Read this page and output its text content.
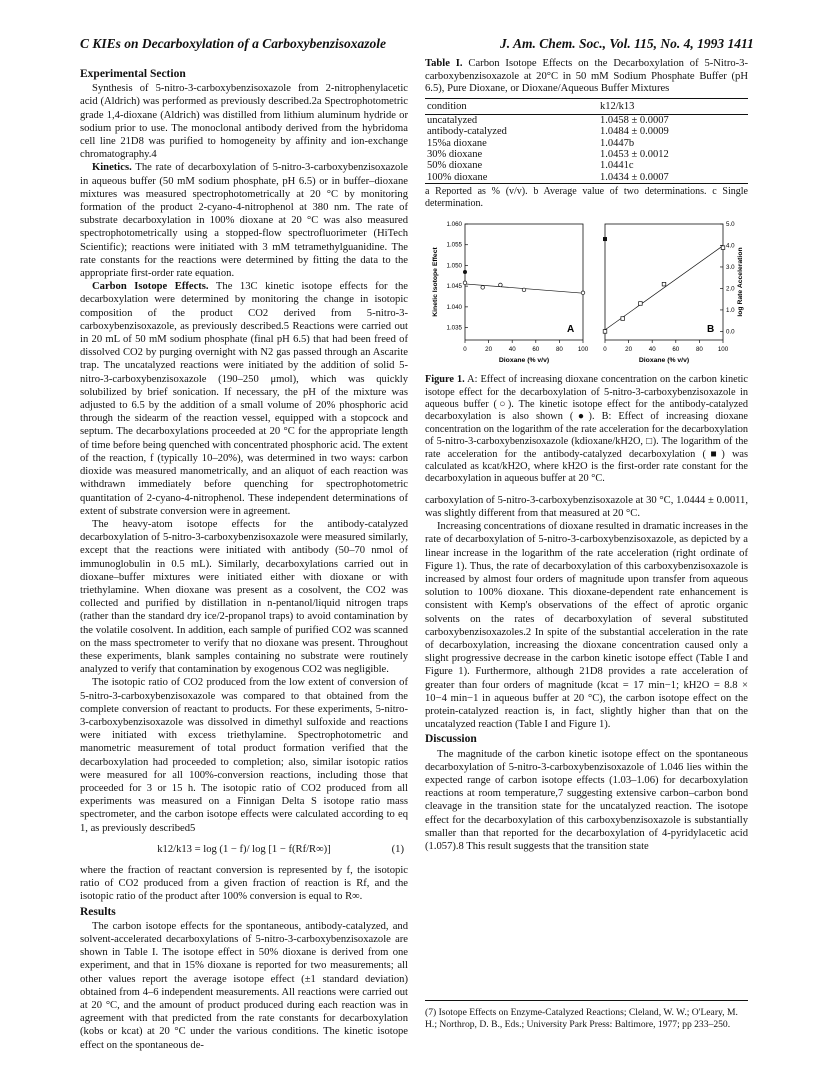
C KIEs on Decarboxylation of a Carboxybenzisoxazole	J. Am. Chem. Soc., Vol. 115, No. 4, 1993 1411
Experimental Section

Synthesis of 5-nitro-3-carboxybenzisoxazole from 2-nitrophenylacetic acid (Aldrich) was performed as previously described.2a Spectrophotometric grade 1,4-dioxane (Aldrich) was distilled from lithium aluminum hydride or sodium prior to use. The monoclonal antibody derived from the hybridoma cell line 21D8 was purified to homogeneity by affinity and ion-exchange chromatography.4

Kinetics. The rate of decarboxylation of 5-nitro-3-carboxybenzisoxazole in aqueous buffer (50 mM sodium phosphate, pH 6.5) or in buffer–dioxane mixtures was measured spectrophotometrically at 20 °C by monitoring formation of the product 2-cyano-4-nitrophenol at 380 nm. The rate of substrate decarboxylation in 100% dioxane at 20 °C was also measured spectrophotometrically using a stopped-flow spectrofluorimeter (HiTech Scientific); reactions were initiated with 3 mM tetramethylguanidine. The rate constants for the reactions were determined by fitting the data to the appropriate first-order rate equation.

Carbon Isotope Effects. The 13C kinetic isotope effects for the decarboxylation were determined by monitoring the change in isotopic composition of the product CO2 derived from 5-nitro-3-carboxybenzisoxazole, as previously described.5 Reactions were carried out in 20 mL of 50 mM sodium phosphate (final pH 6.5) that had been freed of dissolved CO2 by purging overnight with N2 gas passed through an Ascarite trap. The uncatalyzed reactions were initiated by the addition of solid 5-nitro-3-carboxybenzisoxazole (190–250 μmol), which was quickly solubilized by brief sonication. If necessary, the pH of the mixture was adjusted to 6.5 by the addition of a small volume of 20% phosphoric acid through the sidearm of the reaction vessel, equipped with a stopcock and septum. The decarboxylations proceeded at 20 °C for the appropriate length of time before being quenched with concentrated phosphoric acid. The extent of the reaction, f (typically 10–20%), was determined in two ways: carbon dioxide was measured manometrically, and an aliquot of each reaction was withdrawn immediately before quenching for spectrophotometric quantitation of 2-cyano-4-nitrophenol. These independent determinations of extent of substrate conversion were in agreement.

The heavy-atom isotope effects for the antibody-catalyzed decarboxylation of 5-nitro-3-carboxybenzisoxazole were measured similarly, except that the reactions were initiated with antibody (50–70 nmol of immunoglobulin in 0.5 mL). Similarly, decarboxylations carried out in dioxane–buffer mixtures were initiated either with dioxane or with triethylamine. When dioxane was present as a cosolvent, the CO2 was collected and purified by distillation in n-pentanol/liquid nitrogen traps (rather than the standard dry ice/2-propanol traps) to avoid contamination by the volatile cosolvent. In addition, each sample of purified CO2 was scanned on the mass spectrometer to verify that no dioxane was present. Throughout these experiments, blank samples containing no substrate were routinely analyzed to verify that contamination by exogenous CO2 was negligible.

The isotopic ratio of CO2 produced from the low extent of conversion of 5-nitro-3-carboxybenzisoxazole was compared to that obtained from the complete conversion of reactant to products. For these experiments, 5-nitro-3-carboxybenzisoxazole was dissolved in dimethyl sulfoxide and reactions were initiated with excess triethylamine. Spectrophotometric and manometric measurement of total product formation verified that the decarboxylation had proceeded to completion; also, similar isotopic ratios were measured for all 100%-conversion reactions, including those that proceeded for 3 or 15 h. The isotopic ratio of CO2 produced from all experiments was measured on a Finnigan Delta S isotope ratio mass spectrometer, and the carbon isotope effects were calculated according to eq 1, as previously described5

k12/k13 = log (1 − f)/ log [1 − f(Rf/R∞)]	(1)

where the fraction of reactant conversion is represented by f, the isotopic ratio of CO2 produced from a given fraction of reaction is Rf, and the isotopic ratio of the product after 100% conversion is equal to R∞.

Results

The carbon isotope effects for the spontaneous, antibody-catalyzed, and solvent-accelerated decarboxylations of 5-nitro-3-carboxybenzisoxazole are shown in Table I. The isotope effect in 50% dioxane is derived from one experiment, and that in 15% dioxane is reported for two measurements; all other values report the average isotope effect (±1 standard deviation) obtained from 4–6 independent measurements. All reactions were carried out at 20 °C, and the amount of product produced during each reaction was in agreement with that predicted from the rate constants for decarboxylation (kobs or kcat) at 20 °C under the various conditions. The kinetic isotope effect on the spontaneous de-

Table I. Carbon Isotope Effects on the Decarboxylation of 5-Nitro-3-carboxybenzisoxazole at 20°C in 50 mM Sodium Phosphate Buffer (pH 6.5), Pure Dioxane, or Dioxane/Aqueous Buffer Mixtures
condition	k12/k13
uncatalyzed	1.0458 ± 0.0007
antibody-catalyzed	1.0484 ± 0.0009
15%a dioxane	1.0447b
30% dioxane	1.0453 ± 0.0012
50% dioxane	1.0441c
100% dioxane	1.0434 ± 0.0007
a Reported as % (v/v). b Average value of two determinations. c Single determination.
0	20	40	60	80 100
1.035
1.040
1.045
1.050
1.055
1.060
Dioxane (% v/v)
Kinetic Isotope Effect
A
0	20	40	60	80 100
0.0
1.0
2.0
3.0
4.0
5.0
Dioxane (% v/v)
log Rate Acceleration
B
Figure 1. A: Effect of increasing dioxane concentration on the carbon kinetic isotope effect for the decarboxylation of 5-nitro-3-carboxybenzisoxazole in aqueous buffer (○). The kinetic isotope effect for the antibody-catalyzed decarboxylation is also shown (●). B: Effect of increasing dioxane concentration on the logarithm of the rate acceleration for the decarboxylation of 5-nitro-3-carboxybenzisoxazole (kdioxane/kH2O, □). The logarithm of the rate acceleration for the antibody-catalyzed decarboxylation (■) was calculated as kcat/kH2O, where kH2O is the first-order rate constant for the decarboxylation in aqueous buffer at 20 °C.

carboxylation of 5-nitro-3-carboxybenzisoxazole at 30 °C, 1.0444 ± 0.0011, was slightly different from that measured at 20 °C.

Increasing concentrations of dioxane resulted in dramatic increases in the rate of decarboxylation of 5-nitro-3-carboxybenzisoxazole, as depicted by a linear increase in the logarithm of the rate acceleration (right ordinate of Figure 1). Thus, the rate of decarboxylation of this carboxybenzisoxazole is increased by almost four orders of magnitude upon transfer from aqueous solution to 100% dioxane. This dioxane-dependent rate enhancement is consistent with Kemp's observations of the effect of aprotic organic solvents on the rates of decarboxylation of several substituted carboxybenzisoxazoles.2 In spite of the substantial acceleration in the rate of decarboxylation, increasing the dioxane concentration caused only a slight progressive decrease in the carbon kinetic isotope effect (Table I and Figure 1). Furthermore, although 21D8 provides a rate acceleration of greater than four orders of magnitude (kcat = 17 min−1; kH2O = 8.8 × 10−4 min−1 in aqueous buffer at 20 °C), the carbon isotope effect on the protein-catalyzed reaction is, in fact, slightly higher than that on the uncatalyzed reaction (Table I and Figure 1).

Discussion

The magnitude of the carbon kinetic isotope effect on the spontaneous decarboxylation of 5-nitro-3-carboxybenzisoxazole of 1.046 lies within the expected range of carbon isotope effects (1.03–1.06) for decarboxylation reactions at room temperature,7 suggesting extensive carbon–carbon bond cleavage in the transition state for the uncatalyzed reaction. The isotope effect for the decarboxylation of this carboxybenzisoxazole is substantially smaller than that reported for the decarboxylation of 4-pyridylacetic acid (1.057).8 This result suggests that the transition state

(7) Isotope Effects on Enzyme-Catalyzed Reactions; Cleland, W. W.; O'Leary, M. H.; Northrop, D. B., Eds.; University Park Press: Baltimore, 1977; pp 233–250.
